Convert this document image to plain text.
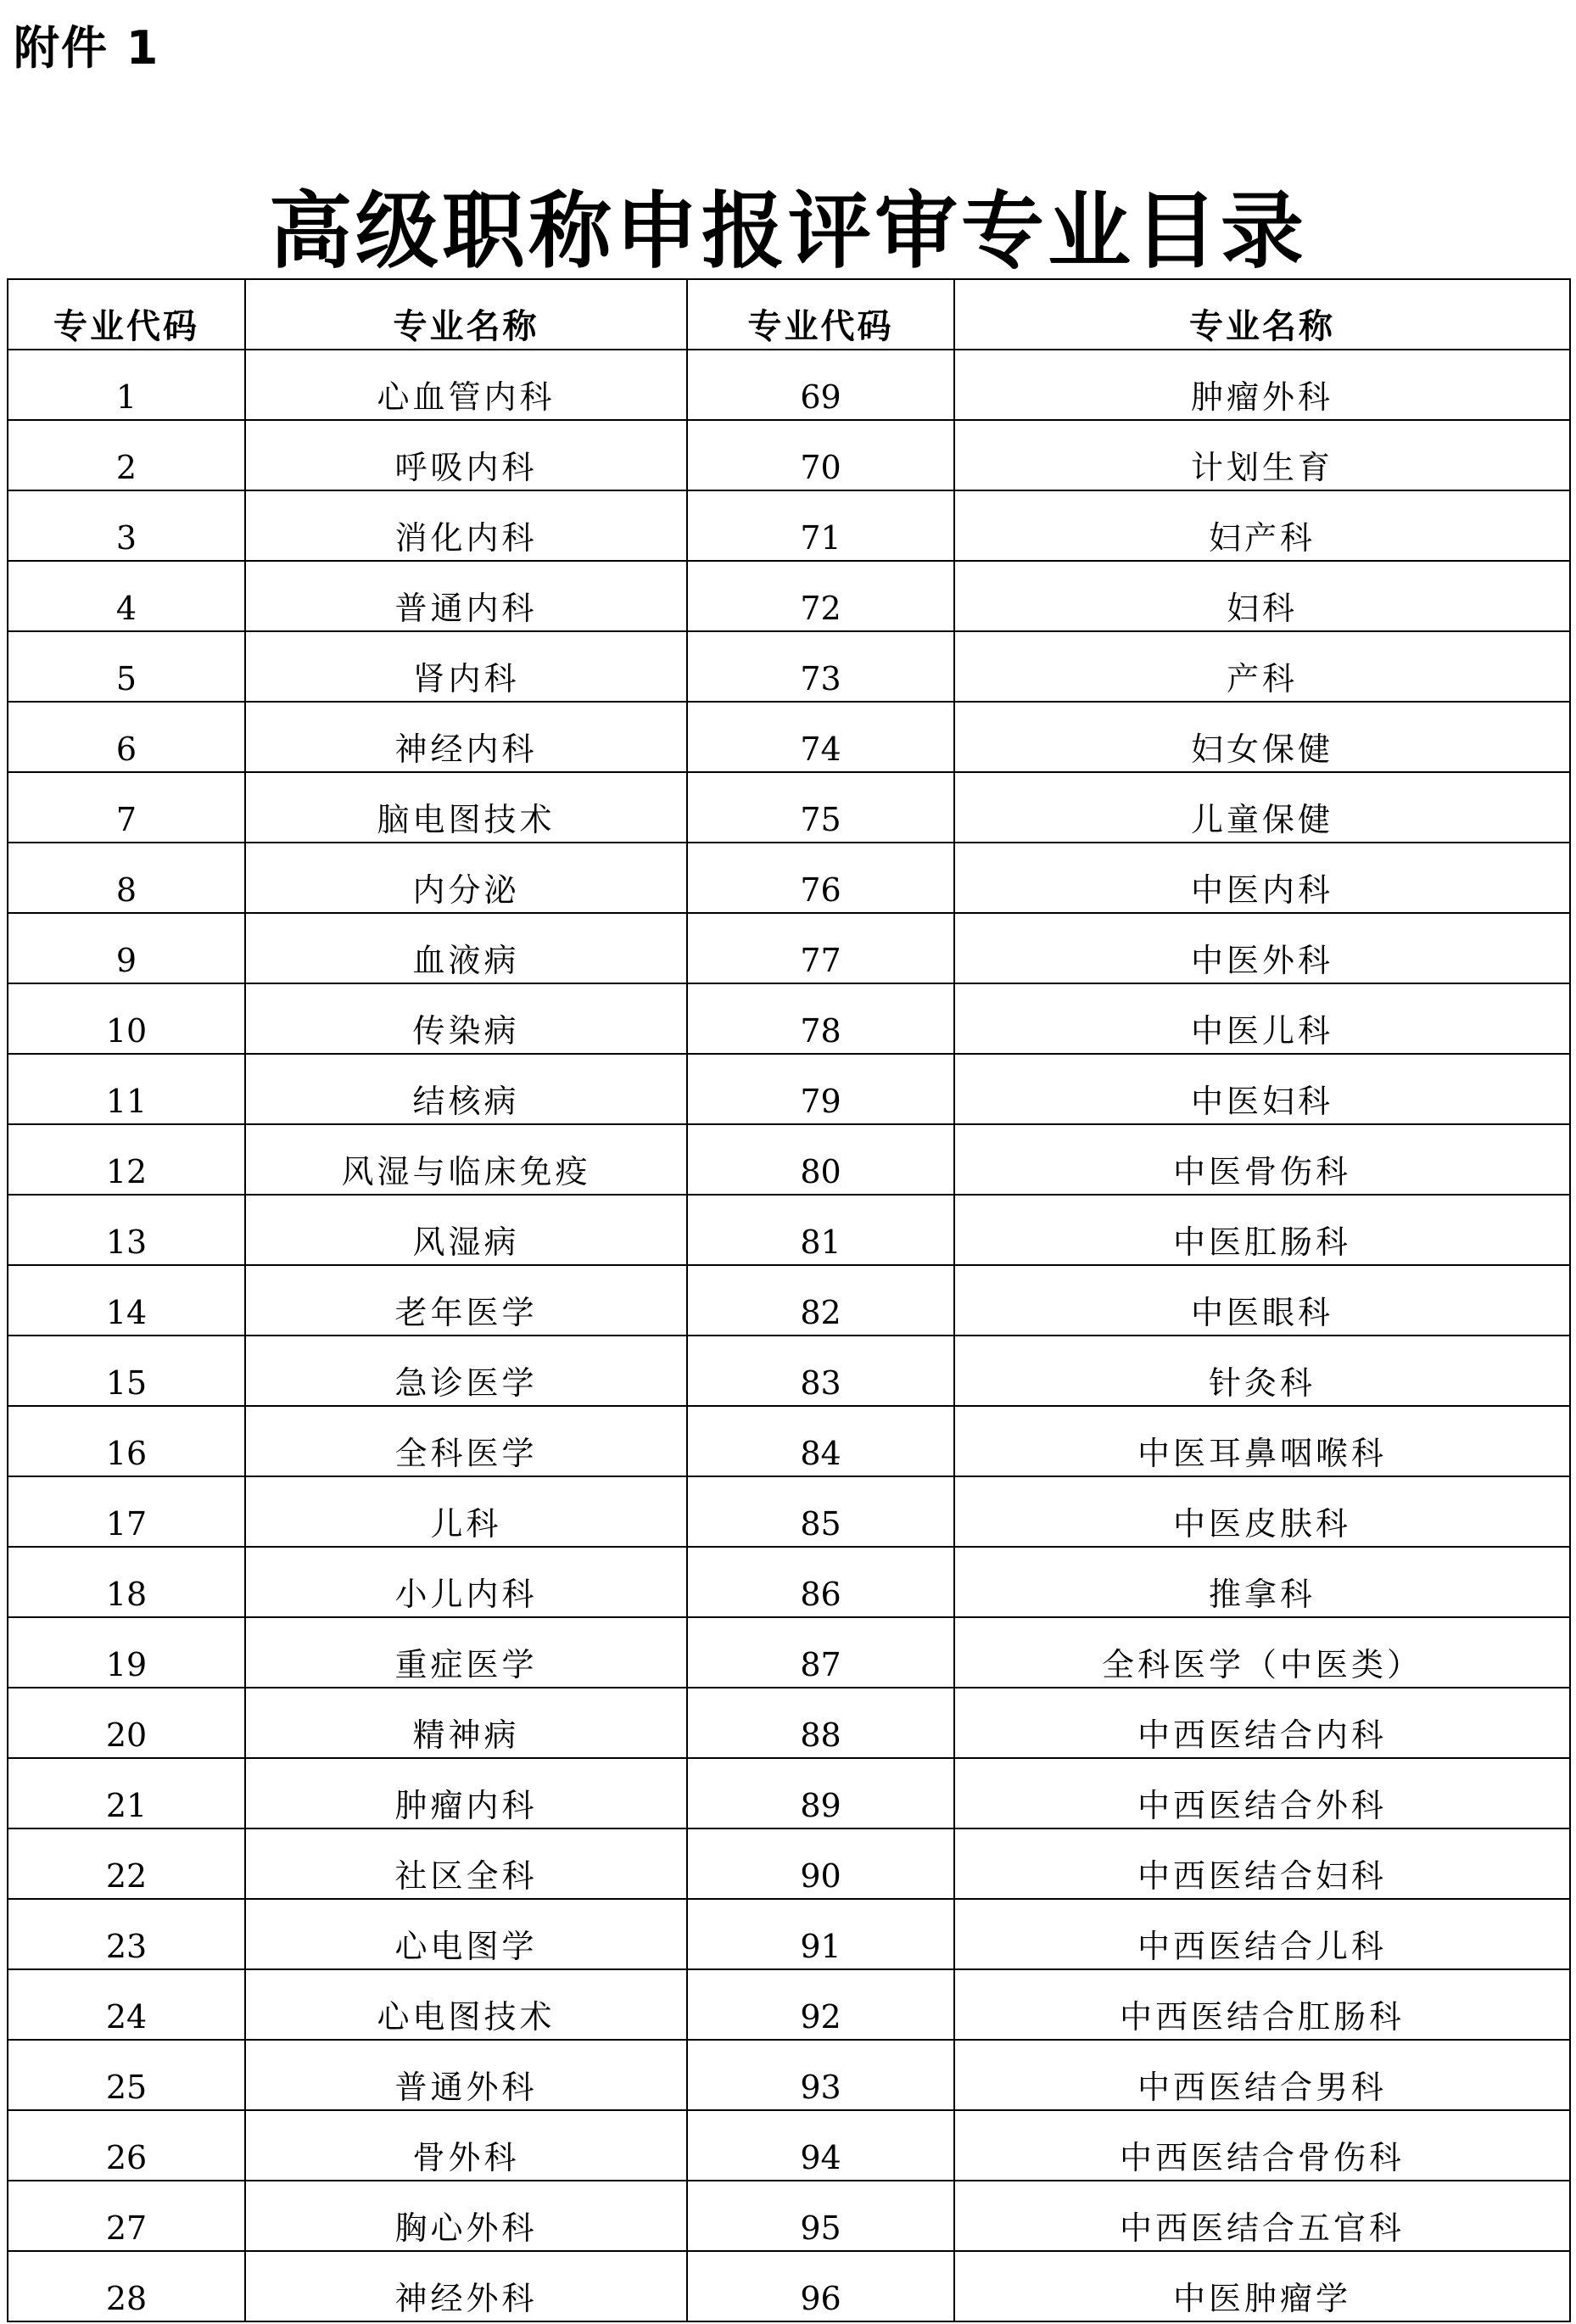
附件 1
高级职称申报评审专业目录
专业代码	专业名称	专业代码	专业名称
1	心血管内科	69	肿瘤外科
2	呼吸内科	70	计划生育
3	消化内科	71	妇产科
4	普通内科	72	妇科
5	肾内科	73	产科
6	神经内科	74	妇女保健
7	脑电图技术	75	儿童保健
8	内分泌	76	中医内科
9	血液病	77	中医外科
10	传染病	78	中医儿科
11	结核病	79	中医妇科
12	风湿与临床免疫	80	中医骨伤科
13	风湿病	81	中医肛肠科
14	老年医学	82	中医眼科
15	急诊医学	83	针灸科
16	全科医学	84	中医耳鼻咽喉科
17	儿科	85	中医皮肤科
18	小儿内科	86	推拿科
19	重症医学	87	全科医学（中医类）
20	精神病	88	中西医结合内科
21	肿瘤内科	89	中西医结合外科
22	社区全科	90	中西医结合妇科
23	心电图学	91	中西医结合儿科
24	心电图技术	92	中西医结合肛肠科
25	普通外科	93	中西医结合男科
26	骨外科	94	中西医结合骨伤科
27	胸心外科	95	中西医结合五官科
28	神经外科	96	中医肿瘤学
